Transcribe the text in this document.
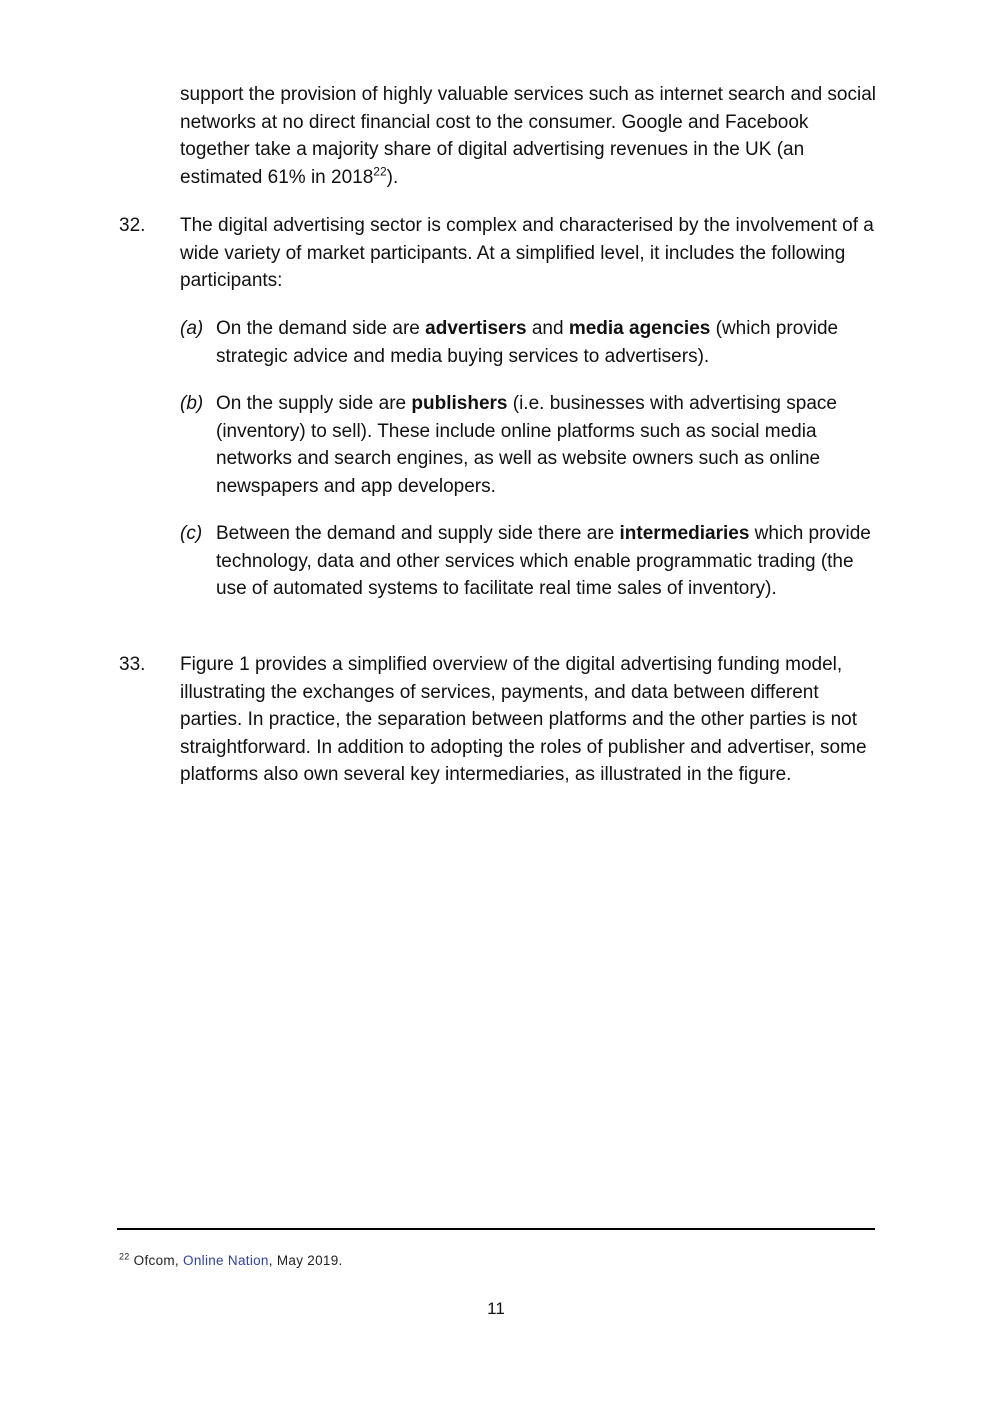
support the provision of highly valuable services such as internet search and social networks at no direct financial cost to the consumer. Google and Facebook together take a majority share of digital advertising revenues in the UK (an estimated 61% in 2018$^{22}$).
32. The digital advertising sector is complex and characterised by the involvement of a wide variety of market participants. At a simplified level, it includes the following participants:
(a) On the demand side are advertisers and media agencies (which provide strategic advice and media buying services to advertisers).
(b) On the supply side are publishers (i.e. businesses with advertising space (inventory) to sell). These include online platforms such as social media networks and search engines, as well as website owners such as online newspapers and app developers.
(c) Between the demand and supply side there are intermediaries which provide technology, data and other services which enable programmatic trading (the use of automated systems to facilitate real time sales of inventory).
33. Figure 1 provides a simplified overview of the digital advertising funding model, illustrating the exchanges of services, payments, and data between different parties. In practice, the separation between platforms and the other parties is not straightforward. In addition to adopting the roles of publisher and advertiser, some platforms also own several key intermediaries, as illustrated in the figure.
$^{22}$ Ofcom, Online Nation, May 2019.
11
